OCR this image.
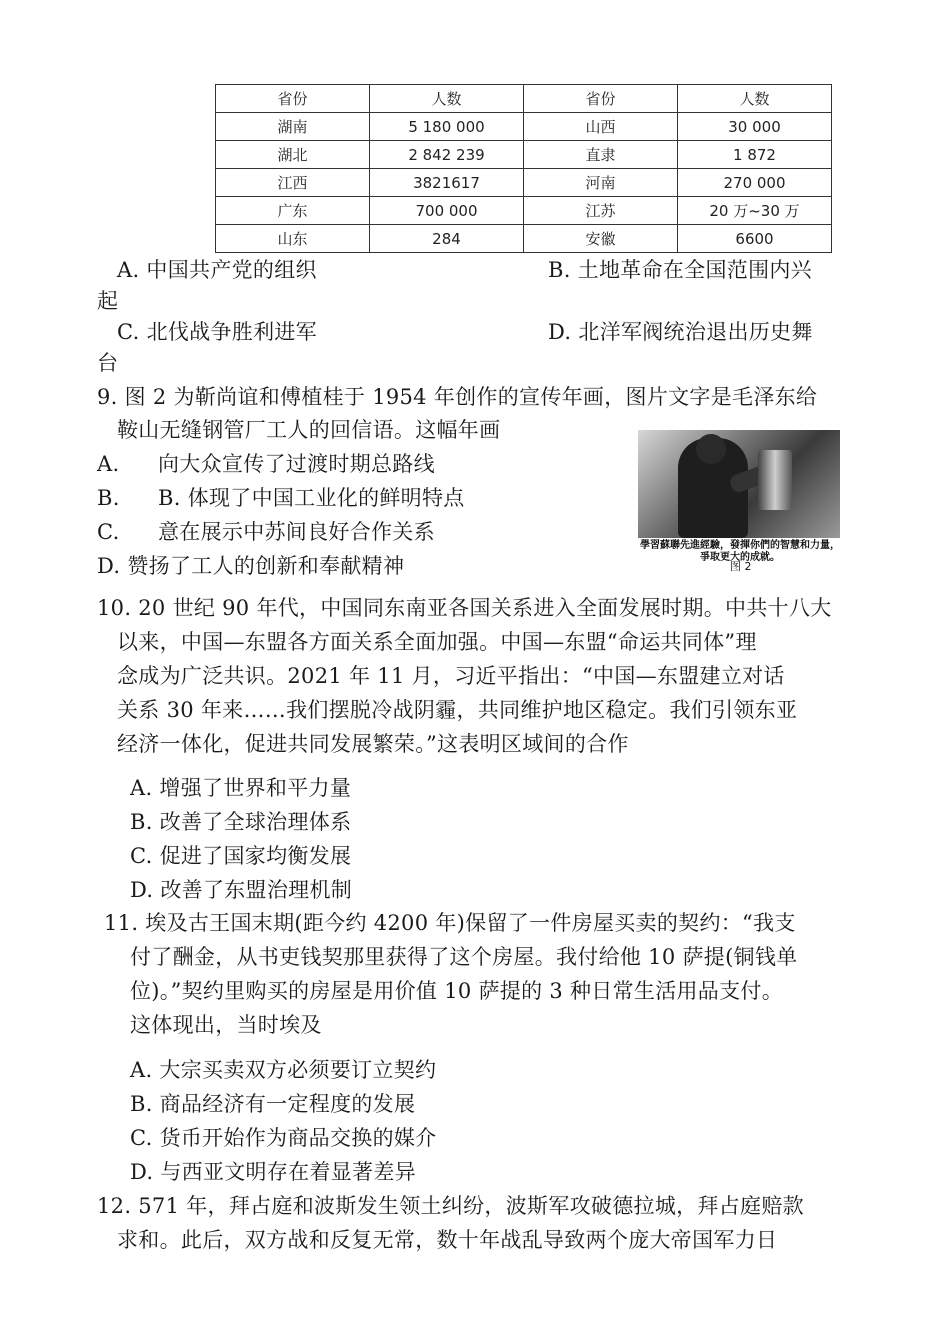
省份	人数	省份	人数
湖南	5 180 000	山西	30 000
湖北	2 842 239	直隶	1 872
江西	3821617	河南	270 000
广东	700 000	江苏	20 万~30 万
山东	284	安徽	6600
A. 中国共产党的组织	B. 土地革命在全国范围内兴
起
C. 北伐战争胜利进军	D. 北洋军阀统治退出历史舞
台
9. 图 2 为靳尚谊和傅植桂于 1954 年创作的宣传年画，图片文字是毛泽东给
鞍山无缝钢管厂工人的回信语。这幅年画
A. 向大众宣传了过渡时期总路线
B. B. 体现了中国工业化的鲜明特点
C. 意在展示中苏间良好合作关系
D. 赞扬了工人的创新和奉献精神
學習蘇聯先進經驗，發揮你們的智慧和力量，爭取更大的成就。
图 2
10. 20 世纪 90 年代，中国同东南亚各国关系进入全面发展时期。中共十八大
以来，中国—东盟各方面关系全面加强。中国—东盟“命运共同体”理
念成为广泛共识。2021 年 11 月，习近平指出：“中国—东盟建立对话
关系 30 年来……我们摆脱冷战阴霾，共同维护地区稳定。我们引领东亚
经济一体化，促进共同发展繁荣。”这表明区域间的合作
A. 增强了世界和平力量
B. 改善了全球治理体系
C. 促进了国家均衡发展
D. 改善了东盟治理机制
11. 埃及古王国末期(距今约 4200 年)保留了一件房屋买卖的契约：“我支
付了酬金，从书吏钱契那里获得了这个房屋。我付给他 10 萨提(铜钱单
位)。”契约里购买的房屋是用价值 10 萨提的 3 种日常生活用品支付。
这体现出，当时埃及
A. 大宗买卖双方必须要订立契约
B. 商品经济有一定程度的发展
C. 货币开始作为商品交换的媒介
D. 与西亚文明存在着显著差异
12. 571 年，拜占庭和波斯发生领土纠纷，波斯军攻破德拉城，拜占庭赔款
求和。此后，双方战和反复无常，数十年战乱导致两个庞大帝国军力日
